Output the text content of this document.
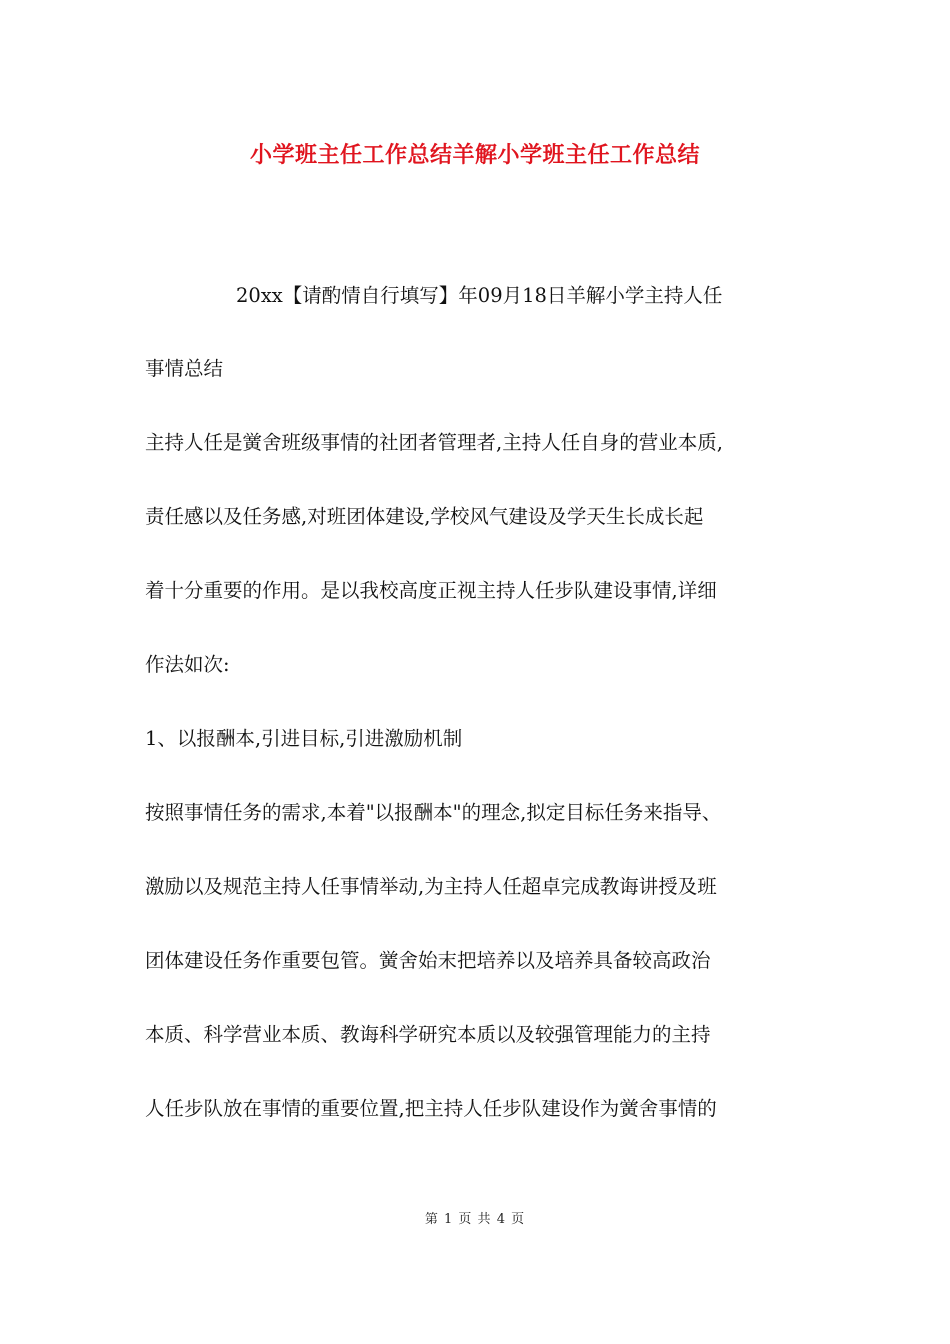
小学班主任工作总结羊解小学班主任工作总结
20xx【请酌情自行填写】年09月18日羊解小学主持人任
事情总结
主持人任是黉舍班级事情的社团者管理者,主持人任自身的营业本质,
责任感以及任务感,对班团体建设,学校风气建设及学天生长成长起
着十分重要的作用。是以我校高度正视主持人任步队建设事情,详细
作法如次:
1、以报酬本,引进目标,引进激励机制
按照事情任务的需求,本着"以报酬本"的理念,拟定目标任务来指导、
激励以及规范主持人任事情举动,为主持人任超卓完成教诲讲授及班
团体建设任务作重要包管。黉舍始末把培养以及培养具备较高政治
本质、科学营业本质、教诲科学研究本质以及较强管理能力的主持
人任步队放在事情的重要位置,把主持人任步队建设作为黉舍事情的
第 1 页 共 4 页
